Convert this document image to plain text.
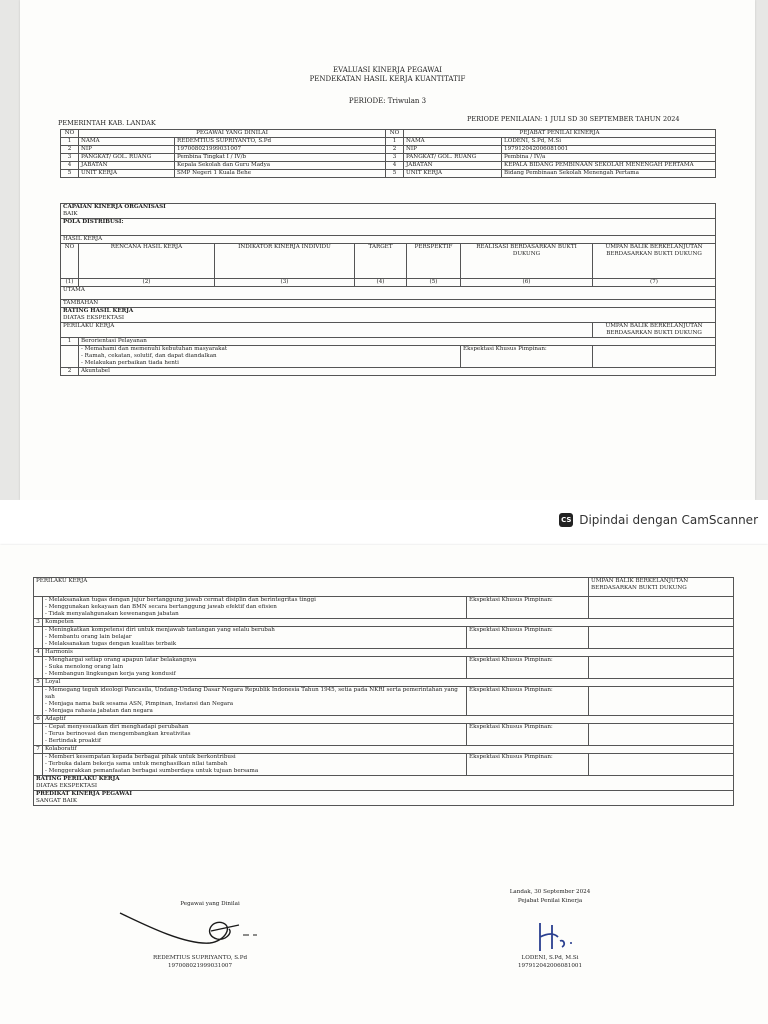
EVALUASI KINERJA PEGAWAI
PENDEKATAN HASIL KERJA KUANTITATIF
PERIODE: Triwulan 3
PEMERINTAH KAB. LANDAK	PERIODE PENILAIAN: 1 JULI SD 30 SEPTEMBER TAHUN 2024
NO	PEGAWAI YANG DINILAI		NO	PEJABAT PENILAI KINERJA	
1	NAMA	REDEMTIUS SUPRIYANTO, S.Pd	1	NAMA	LODENI, S.Pd, M.Si
2	NIP	197008021999031007	2	NIP	197912042006081001
3	PANGKAT/ GOL. RUANG	Pembina Tingkat I / IV/b	3	PANGKAT/ GOL. RUANG	Pembina / IV/a
4	JABATAN	Kepala Sekolah dan Guru Madya	4	JABATAN	KEPALA BIDANG PEMBINAAN SEKOLAH MENENGAH PERTAMA
5	UNIT KERJA	SMP Negeri 1 Kuala Behe	5	UNIT KERJA	Bidang Pembinaan Sekolah Menengah Pertama
CAPAIAN KINERJA ORGANISASI
BAIK						

POLA DISTRIBUSI:						
HASIL KERJA						
NO	RENCANA HASIL KERJA	INDIKATOR KINERJA INDIVIDU	TARGET	PERSPEKTIF	REALISASI BERDASARKAN BUKTI DUKUNG	UMPAN BALIK BERKELANJUTAN BERDASARKAN BUKTI DUKUNG
(1)	(2)	(3)	(4)	(5)	(6)	(7)
UTAMA						
TAMBAHAN						

RATING HASIL KERJA
DIATAS EKSPEKTASI						

PERILAKU KERJA						UMPAN BALIK BERKELANJUTAN BERDASARKAN BUKTI DUKUNG
1	Berorientasi Pelayanan					

	- Memahami dan memenuhi kebutuhan masyarakat
- Ramah, cekatan, solutif, dan dapat diandalkan
- Melakukan perbaikan tiada henti				Ekspektasi Khusus Pimpinan:	
2	Akuntabel					
CS Dipindai dengan CamScanner
PERILAKU KERJA			UMPAN BALIK BERKELANJUTAN BERDASARKAN BUKTI DUKUNG

	- Melaksanakan tugas dengan jujur bertanggung jawab cermat disiplin dan berintegritas tinggi
- Menggunakan kekayaan dan BMN secara bertanggung jawab efektif dan efisien
- Tidak menyalahgunakan kewenangan jabatan	Ekspektasi Khusus Pimpinan:	
3	Kompeten		

	- Meningkatkan kompetensi diri untuk menjawab tantangan yang selalu berubah
- Membantu orang lain belajar
- Melaksanakan tugas dengan kualitas terbaik	Ekspektasi Khusus Pimpinan:	
4	Harmonis		

	- Menghargai setiap orang apapun latar belakangnya
- Suka menolong orang lain
- Membangun lingkungan kerja yang kondusif	Ekspektasi Khusus Pimpinan:	
5	Loyal		

	- Memegang teguh ideologi Pancasila, Undang-Undang Dasar Negara Republik Indonesia Tahun 1945, setia pada NKRI serta pemerintahan yang sah
- Menjaga nama baik sesama ASN, Pimpinan, Instansi dan Negara
- Menjaga rahasia jabatan dan negara	Ekspektasi Khusus Pimpinan:	
6	Adaptif		

	- Cepat menyesuaikan diri menghadapi perubahan
- Terus berinovasi dan mengembangkan kreativitas
- Bertindak proaktif	Ekspektasi Khusus Pimpinan:	
7	Kolaboratif		

	- Memberi kesempatan kepada berbagai pihak untuk berkontribusi
- Terbuka dalam bekerja sama untuk menghasilkan nilai tambah
- Menggerakkan pemanfaatan berbagai sumberdaya untuk tujuan bersama	Ekspektasi Khusus Pimpinan:	

RATING PERILAKU KERJA
DIATAS EKSPEKTASI			

PREDIKAT KINERJA PEGAWAI
SANGAT BAIK			
Pegawai yang Dinilai
REDEMTIUS SUPRIYANTO, S.Pd
197008021999031007
Landak, 30 September 2024
Pejabat Penilai Kinerja
LODENI, S.Pd, M.Si
197912042006081001
